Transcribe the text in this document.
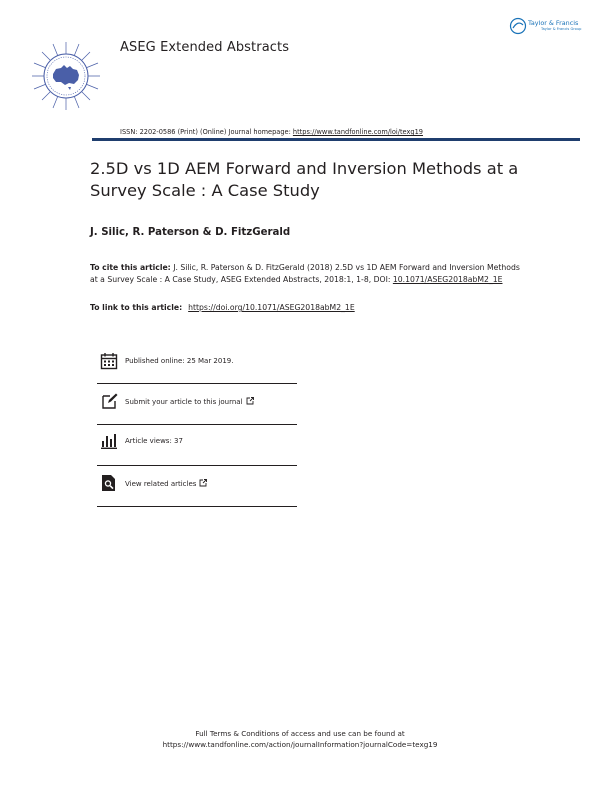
ASEG Extended Abstracts
Taylor & Francis
Taylor & Francis Group
ISSN: 2202-0586 (Print) (Online) Journal homepage: https://www.tandfonline.com/loi/texg19
2.5D vs 1D AEM Forward and Inversion Methods at a Survey Scale : A Case Study
J. Silic, R. Paterson & D. FitzGerald
To cite this article: J. Silic, R. Paterson & D. FitzGerald (2018) 2.5D vs 1D AEM Forward and Inversion Methods at a Survey Scale : A Case Study, ASEG Extended Abstracts, 2018:1, 1-8, DOI: 10.1071/ASEG2018abM2_1E
To link to this article: https://doi.org/10.1071/ASEG2018abM2_1E
Published online: 25 Mar 2019.
Submit your article to this journal
Article views: 37
View related articles
Full Terms & Conditions of access and use can be found at
https://www.tandfonline.com/action/journalInformation?journalCode=texg19
